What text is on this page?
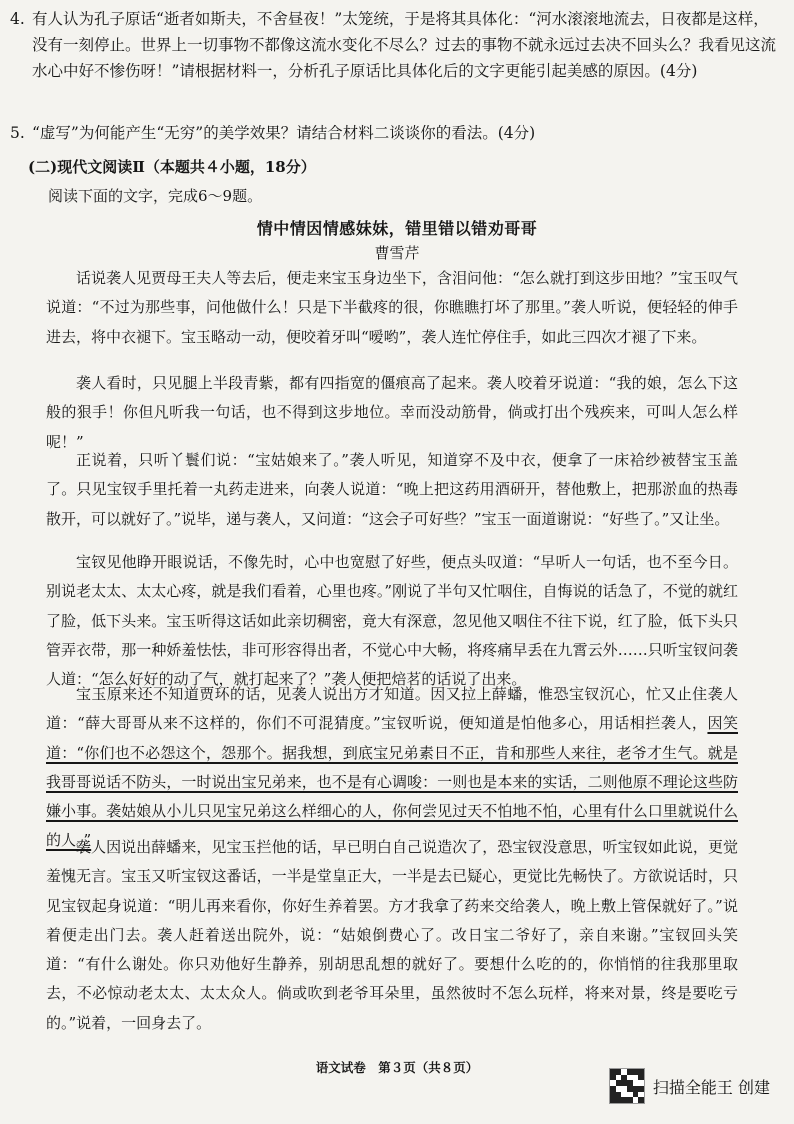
4. 有人认为孔子原话“逝者如斯夫，不舍昼夜！”太笼统，于是将其具体化：“河水滚滚地流去，日夜都是这样，没有一刻停止。世界上一切事物不都像这流水变化不尽么？过去的事物不就永远过去决不回头么？我看见这流水心中好不惨伤呀！”请根据材料一，分析孔子原话比具体化后的文字更能引起美感的原因。(4分)
5. “虚写”为何能产生“无穷”的美学效果？请结合材料二谈谈你的看法。(4分)
(二)现代文阅读Ⅱ（本题共４小题，18分）
阅读下面的文字，完成6～9题。
情中情因情感妹妹，错里错以错劝哥哥
曹雪芹
话说袭人见贾母王夫人等去后，便走来宝玉身边坐下，含泪问他：“怎么就打到这步田地？”宝玉叹气说道：“不过为那些事，问他做什么！只是下半截疼的很，你瞧瞧打坏了那里。”袭人听说，便轻轻的伸手进去，将中衣褪下。宝玉略动一动，便咬着牙叫“嗳哟”，袭人连忙停住手，如此三四次才褪了下来。
袭人看时，只见腿上半段青紫，都有四指宽的僵痕高了起来。袭人咬着牙说道：“我的娘，怎么下这般的狠手！你但凡听我一句话，也不得到这步地位。幸而没动筋骨，倘或打出个残疾来，可叫人怎么样呢！”
正说着，只听丫鬟们说：“宝姑娘来了。”袭人听见，知道穿不及中衣，便拿了一床袷纱被替宝玉盖了。只见宝钗手里托着一丸药走进来，向袭人说道：“晚上把这药用酒研开，替他敷上，把那淤血的热毒散开，可以就好了。”说毕，递与袭人，又问道：“这会子可好些？”宝玉一面道谢说：“好些了。”又让坐。
宝钗见他睁开眼说话，不像先时，心中也宽慰了好些，便点头叹道：“早听人一句话，也不至今日。别说老太太、太太心疼，就是我们看着，心里也疼。”刚说了半句又忙咽住，自悔说的话急了，不觉的就红了脸，低下头来。宝玉听得这话如此亲切稠密，竟大有深意，忽见他又咽住不往下说，红了脸，低下头只管弄衣带，那一种娇羞怯怯，非可形容得出者，不觉心中大畅，将疼痛早丢在九霄云外……只听宝钗问袭人道：“怎么好好的动了气，就打起来了？”袭人便把焙茗的话说了出来。
宝玉原来还不知道贾环的话，见袭人说出方才知道。因又拉上薛蟠，惟恐宝钗沉心，忙又止住袭人道：“薛大哥哥从来不这样的，你们不可混猜度。”宝钗听说，便知道是怕他多心，用话相拦袭人，因笑道：“你们也不必怨这个，怨那个。据我想，到底宝兄弟素日不正，肯和那些人来往，老爷才生气。就是我哥哥说话不防头，一时说出宝兄弟来，也不是有心调唆：一则也是本来的实话，二则他原不理论这些防嫌小事。袭姑娘从小儿只见宝兄弟这么样细心的人，你何尝见过天不怕地不怕，心里有什么口里就说什么的人。”
袭人因说出薛蟠来，见宝玉拦他的话，早已明白自己说造次了，恐宝钗没意思，听宝钗如此说，更觉羞愧无言。宝玉又听宝钗这番话，一半是堂皇正大，一半是去已疑心，更觉比先畅快了。方欲说话时，只见宝钗起身说道：“明儿再来看你，你好生养着罢。方才我拿了药来交给袭人，晚上敷上管保就好了。”说着便走出门去。袭人赶着送出院外，说：“姑娘倒费心了。改日宝二爷好了，亲自来谢。”宝钗回头笑道：“有什么谢处。你只劝他好生静养，别胡思乱想的就好了。要想什么吃的的，你悄悄的往我那里取去，不必惊动老太太、太太众人。倘或吹到老爷耳朵里，虽然彼时不怎么玩样，将来对景，终是要吃亏的。”说着，一回身去了。
语文试卷　第３页（共８页）
扫描全能王 创建
